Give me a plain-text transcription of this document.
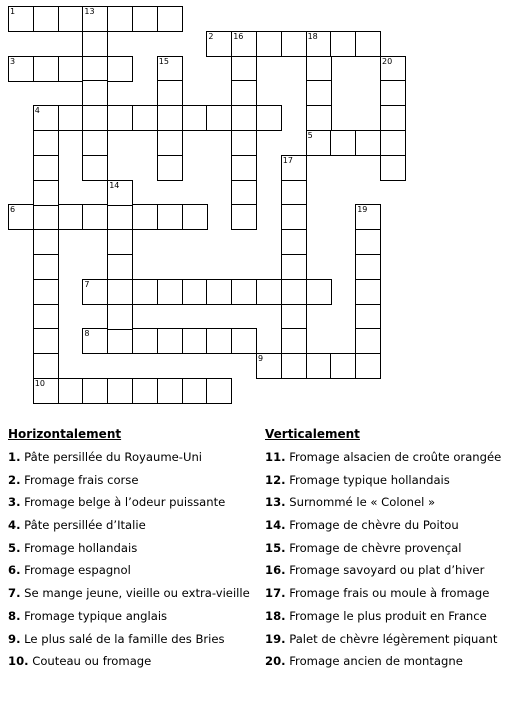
1	13
2 16	18
3
4
5
6
7
8
9
10
14
15
17
19
20
Horizontalement
1. Pâte persillée du Royaume-Uni
2. Fromage frais corse
3. Fromage belge à l’odeur puissante
4. Pâte persillée d’Italie
5. Fromage hollandais
6. Fromage espagnol
7. Se mange jeune, vieille ou extra-vieille
8. Fromage typique anglais
9. Le plus salé de la famille des Bries
10. Couteau ou fromage
Verticalement
11. Fromage alsacien de croûte orangée
12. Fromage typique hollandais
13. Surnommé le « Colonel »
14. Fromage de chèvre du Poitou
15. Fromage de chèvre provençal
16. Fromage savoyard ou plat d’hiver
17. Fromage frais ou moule à fromage
18. Fromage le plus produit en France
19. Palet de chèvre légèrement piquant
20. Fromage ancien de montagne
